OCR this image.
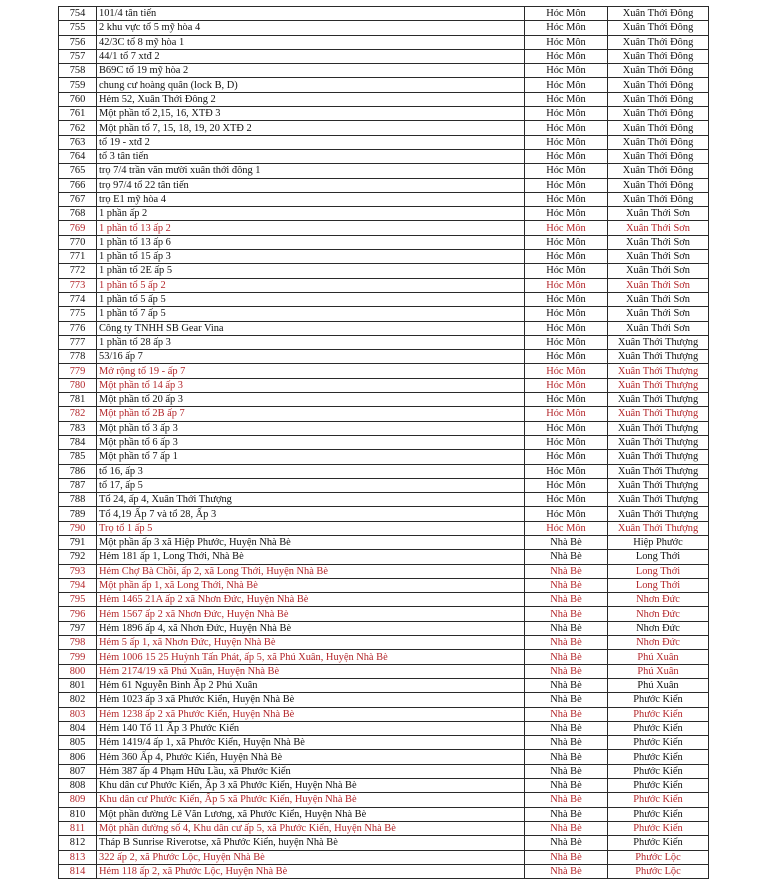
754	101/4 tân tiến	Hóc Môn	Xuân Thới Đông
755	2 khu vực tổ 5 mỹ hòa 4	Hóc Môn	Xuân Thới Đông
756	42/3C tổ 8 mỹ hòa 1	Hóc Môn	Xuân Thới Đông
757	44/1 tổ 7 xtđ 2	Hóc Môn	Xuân Thới Đông
758	B69C tổ 19 mỹ hòa 2	Hóc Môn	Xuân Thới Đông
759	chung cư hoàng quân (lock B, D)	Hóc Môn	Xuân Thới Đông
760	Hẻm 52, Xuân Thới Đông 2	Hóc Môn	Xuân Thới Đông
761	Một phần tổ 2,15, 16, XTĐ 3	Hóc Môn	Xuân Thới Đông
762	Một phần tổ 7, 15, 18, 19, 20 XTĐ 2	Hóc Môn	Xuân Thới Đông
763	tổ 19 - xtđ 2	Hóc Môn	Xuân Thới Đông
764	tổ 3 tân tiến	Hóc Môn	Xuân Thới Đông
765	trọ 7/4 trần văn mười xuân thới đông 1	Hóc Môn	Xuân Thới Đông
766	trọ 97/4 tổ 22 tân tiến	Hóc Môn	Xuân Thới Đông
767	trọ E1 mỹ hòa 4	Hóc Môn	Xuân Thới Đông
768	1 phần ấp 2	Hóc Môn	Xuân Thới Sơn
769	1 phần tổ 13 ấp 2	Hóc Môn	Xuân Thới Sơn
770	1 phần tổ 13 ấp 6	Hóc Môn	Xuân Thới Sơn
771	1 phần tổ 15 ấp 3	Hóc Môn	Xuân Thới Sơn
772	1 phần tổ 2E ấp 5	Hóc Môn	Xuân Thới Sơn
773	1 phần tổ 5 ấp 2	Hóc Môn	Xuân Thới Sơn
774	1 phần tổ 5 ấp 5	Hóc Môn	Xuân Thới Sơn
775	1 phần tổ 7 ấp 5	Hóc Môn	Xuân Thới Sơn
776	Công ty TNHH SB Gear Vina	Hóc Môn	Xuân Thới Sơn
777	1 phần tổ 28 ấp 3	Hóc Môn	Xuân Thới Thượng
778	53/16 ấp 7	Hóc Môn	Xuân Thới Thượng
779	Mở rộng tổ 19 - ấp 7	Hóc Môn	Xuân Thới Thượng
780	Một phần tổ 14 ấp 3	Hóc Môn	Xuân Thới Thượng
781	Một phần tổ 20 ấp 3	Hóc Môn	Xuân Thới Thượng
782	Một phần tổ 2B ấp 7	Hóc Môn	Xuân Thới Thượng
783	Một phần tổ 3 ấp 3	Hóc Môn	Xuân Thới Thượng
784	Một phần tổ 6 ấp 3	Hóc Môn	Xuân Thới Thượng
785	Một phần tổ 7 ấp 1	Hóc Môn	Xuân Thới Thượng
786	tổ 16, ấp 3	Hóc Môn	Xuân Thới Thượng
787	tổ 17, ấp 5	Hóc Môn	Xuân Thới Thượng
788	Tổ 24, ấp 4, Xuân Thới Thượng	Hóc Môn	Xuân Thới Thượng
789	Tổ 4,19 Ấp 7 và tổ 28, Ấp 3	Hóc Môn	Xuân Thới Thượng
790	Trọ tổ 1 ấp 5	Hóc Môn	Xuân Thới Thượng
791	Một phần ấp 3 xã Hiệp Phước, Huyện Nhà Bè	Nhà Bè	Hiệp Phước
792	Hẻm 181 ấp 1, Long Thới, Nhà Bè	Nhà Bè	Long Thới
793	Hẻm Chợ Bà Chồi, ấp 2, xã Long Thới, Huyện Nhà Bè	Nhà Bè	Long Thới
794	Một phần ấp 1, xã Long Thới, Nhà Bè	Nhà Bè	Long Thới
795	Hẻm 1465 21A ấp 2 xã Nhơn Đức, Huyện Nhà Bè	Nhà Bè	Nhơn Đức
796	Hẻm 1567 ấp 2 xã Nhơn Đức, Huyện Nhà Bè	Nhà Bè	Nhơn Đức
797	Hẻm 1896 ấp 4, xã Nhơn Đức, Huyện Nhà Bè	Nhà Bè	Nhơn Đức
798	Hẻm 5 ấp 1, xã Nhơn Đức, Huyện Nhà Bè	Nhà Bè	Nhơn Đức
799	Hẻm 1006 15 25 Huỳnh Tấn Phát, ấp 5, xã Phú Xuân, Huyện Nhà Bè	Nhà Bè	Phú Xuân
800	Hẻm 2174/19 xã Phú Xuân, Huyện Nhà Bè	Nhà Bè	Phú Xuân
801	Hẻm 61 Nguyễn Bình Ấp 2 Phú Xuân	Nhà Bè	Phú Xuân
802	Hẻm 1023 ấp 3 xã Phước Kiển, Huyện Nhà Bè	Nhà Bè	Phước Kiển
803	Hẻm 1238 ấp 2 xã Phước Kiển, Huyện Nhà Bè	Nhà Bè	Phước Kiển
804	Hẻm 140 Tổ 11 Ấp 3 Phước Kiển	Nhà Bè	Phước Kiển
805	Hẻm 1419/4 ấp 1, xã Phước Kiển, Huyện Nhà Bè	Nhà Bè	Phước Kiển
806	Hẻm 360 Ấp 4, Phước Kiển, Huyện Nhà Bè	Nhà Bè	Phước Kiển
807	Hẻm 387 ấp 4 Phạm Hữu Lầu, xã Phước Kiển	Nhà Bè	Phước Kiển
808	Khu dân cư Phước Kiển, Ấp 3 xã Phước Kiển, Huyện Nhà Bè	Nhà Bè	Phước Kiển
809	Khu dân cư Phước Kiển, Ấp 5 xã Phước Kiển, Huyện Nhà Bè	Nhà Bè	Phước Kiển
810	Một phần đường Lê Văn Lương, xã Phước Kiển, Huyện Nhà Bè	Nhà Bè	Phước Kiển
811	Một phần đường số 4, Khu dân cư ấp 5, xã Phước Kiển, Huyện Nhà Bè	Nhà Bè	Phước Kiển
812	Tháp B Sunrise Riverotse, xã Phước Kiển, huyện Nhà Bè	Nhà Bè	Phước Kiển
813	322 ấp 2, xã Phước Lộc, Huyện Nhà Bè	Nhà Bè	Phước Lộc
814	Hẻm 118 ấp 2, xã Phước Lộc, Huyện Nhà Bè	Nhà Bè	Phước Lộc
